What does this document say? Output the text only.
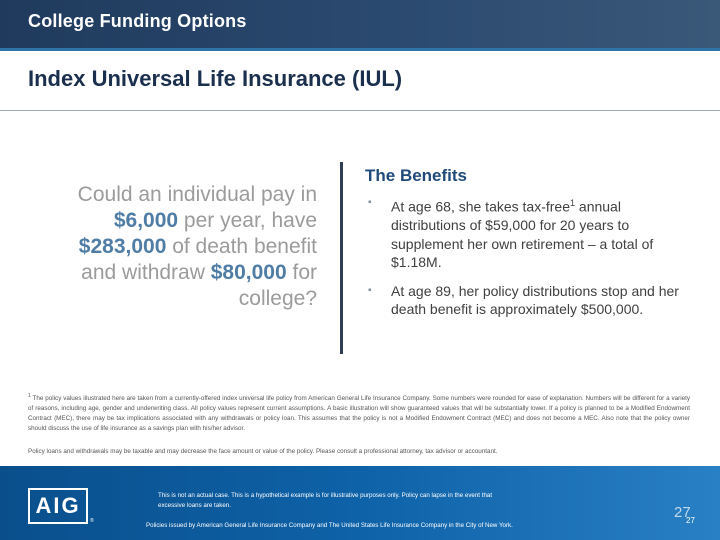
College Funding Options
Index Universal Life Insurance (IUL)
Could an individual pay in $6,000 per year, have $283,000 of death benefit and withdraw $80,000 for college?
The Benefits
▪ At age 68, she takes tax-free$^1$ annual distributions of $59,000 for 20 years to supplement her own retirement – a total of $1.18M.
▪ At age 89, her policy distributions stop and her death benefit is approximately $500,000.
$^1$ The policy values illustrated here are taken from a currently-offered index universal life policy from American General Life Insurance Company. Some numbers were rounded for ease of explanation. Numbers will be different for a variety of reasons, including age, gender and underwriting class. All policy values represent current assumptions. A basic illustration will show guaranteed values that will be substantially lower. If a policy is planned to be a Modified Endowment Contract (MEC), there may be tax implications associated with any withdrawals or policy loan. This assumes that the policy is not a Modified Endowment Contract (MEC) and does not become a MEC. Also note that the policy owner should discuss the use of life insurance as a savings plan with his/her advisor.
Policy loans and withdrawals may be taxable and may decrease the face amount or value of the policy. Please consult a professional attorney, tax advisor or accountant.
AIG
®
This is not an actual case. This is a hypothetical example is for illustrative purposes only. Policy can lapse in the event that excessive loans are taken.
Policies issued by American General Life Insurance Company and The United States Life Insurance Company in the City of New York.
27
27
